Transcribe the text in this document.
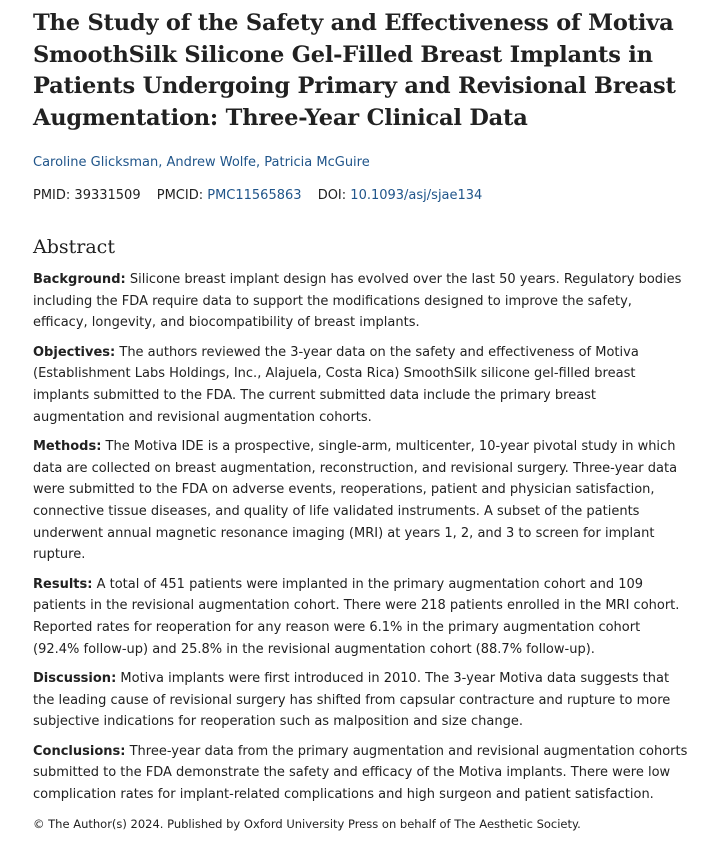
The Study of the Safety and Effectiveness of Motiva SmoothSilk Silicone Gel-Filled Breast Implants in Patients Undergoing Primary and Revisional Breast Augmentation: Three-Year Clinical Data
Caroline Glicksman, Andrew Wolfe, Patricia McGuire
PMID: 39331509 PMCID: PMC11565863 DOI: 10.1093/asj/sjae134
Abstract

Background: Silicone breast implant design has evolved over the last 50 years. Regulatory bodies including the FDA require data to support the modifications designed to improve the safety, efficacy, longevity, and biocompatibility of breast implants.

Objectives: The authors reviewed the 3-year data on the safety and effectiveness of Motiva (Establishment Labs Holdings, Inc., Alajuela, Costa Rica) SmoothSilk silicone gel-filled breast implants submitted to the FDA. The current submitted data include the primary breast augmentation and revisional augmentation cohorts.

Methods: The Motiva IDE is a prospective, single-arm, multicenter, 10-year pivotal study in which data are collected on breast augmentation, reconstruction, and revisional surgery. Three-year data were submitted to the FDA on adverse events, reoperations, patient and physician satisfaction, connective tissue diseases, and quality of life validated instruments. A subset of the patients underwent annual magnetic resonance imaging (MRI) at years 1, 2, and 3 to screen for implant rupture.

Results: A total of 451 patients were implanted in the primary augmentation cohort and 109 patients in the revisional augmentation cohort. There were 218 patients enrolled in the MRI cohort. Reported rates for reoperation for any reason were 6.1% in the primary augmentation cohort (92.4% follow-up) and 25.8% in the revisional augmentation cohort (88.7% follow-up).

Discussion: Motiva implants were first introduced in 2010. The 3-year Motiva data suggests that the leading cause of revisional surgery has shifted from capsular contracture and rupture to more subjective indications for reoperation such as malposition and size change.

Conclusions: Three-year data from the primary augmentation and revisional augmentation cohorts submitted to the FDA demonstrate the safety and efficacy of the Motiva implants. There were low complication rates for implant-related complications and high surgeon and patient satisfaction.

© The Author(s) 2024. Published by Oxford University Press on behalf of The Aesthetic Society.
